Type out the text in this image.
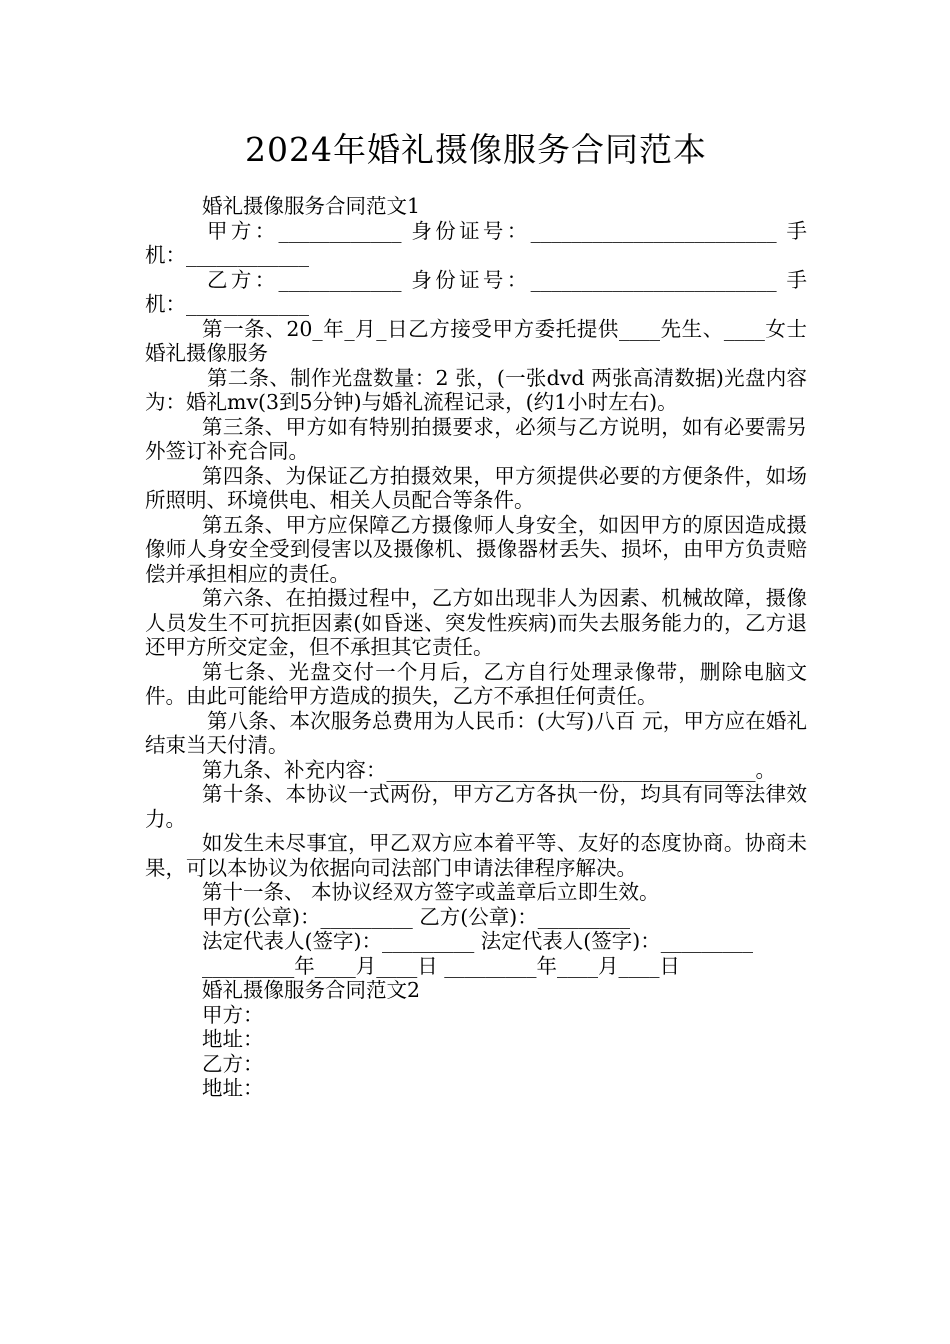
2024年婚礼摄像服务合同范本

婚礼摄像服务合同范文1

甲方：____________ 身份证号：________________________ 手机：____________

乙方：____________ 身份证号：________________________ 手机：____________

第一条、20_年_月_日乙方接受甲方委托提供____先生、____女士婚礼摄像服务

第二条、制作光盘数量：2 张，(一张dvd 两张高清数据)光盘内容为：婚礼mv(3到5分钟)与婚礼流程记录，(约1小时左右)。

第三条、甲方如有特别拍摄要求，必须与乙方说明，如有必要需另外签订补充合同。

第四条、为保证乙方拍摄效果，甲方须提供必要的方便条件，如场所照明、环境供电、相关人员配合等条件。

第五条、甲方应保障乙方摄像师人身安全，如因甲方的原因造成摄像师人身安全受到侵害以及摄像机、摄像器材丢失、损坏，由甲方负责赔偿并承担相应的责任。

第六条、在拍摄过程中，乙方如出现非人为因素、机械故障，摄像人员发生不可抗拒因素(如昏迷、突发性疾病)而失去服务能力的，乙方退还甲方所交定金，但不承担其它责任。

第七条、光盘交付一个月后，乙方自行处理录像带，删除电脑文件。由此可能给甲方造成的损失，乙方不承担任何责任。

第八条、本次服务总费用为人民币：(大写)八百 元，甲方应在婚礼结束当天付清。

第九条、补充内容：____________________________________。

第十条、本协议一式两份，甲方乙方各执一份，均具有同等法律效力。

如发生未尽事宜，甲乙双方应本着平等、友好的态度协商。协商未果，可以本协议为依据向司法部门申请法律程序解决。

第十一条、 本协议经双方签字或盖章后立即生效。

甲方(公章)：_________ 乙方(公章)：_________

法定代表人(签字)：_________ 法定代表人(签字)：_________

_________年____月____日 _________年____月____日

婚礼摄像服务合同范文2

甲方：

地址：

乙方：

地址：
